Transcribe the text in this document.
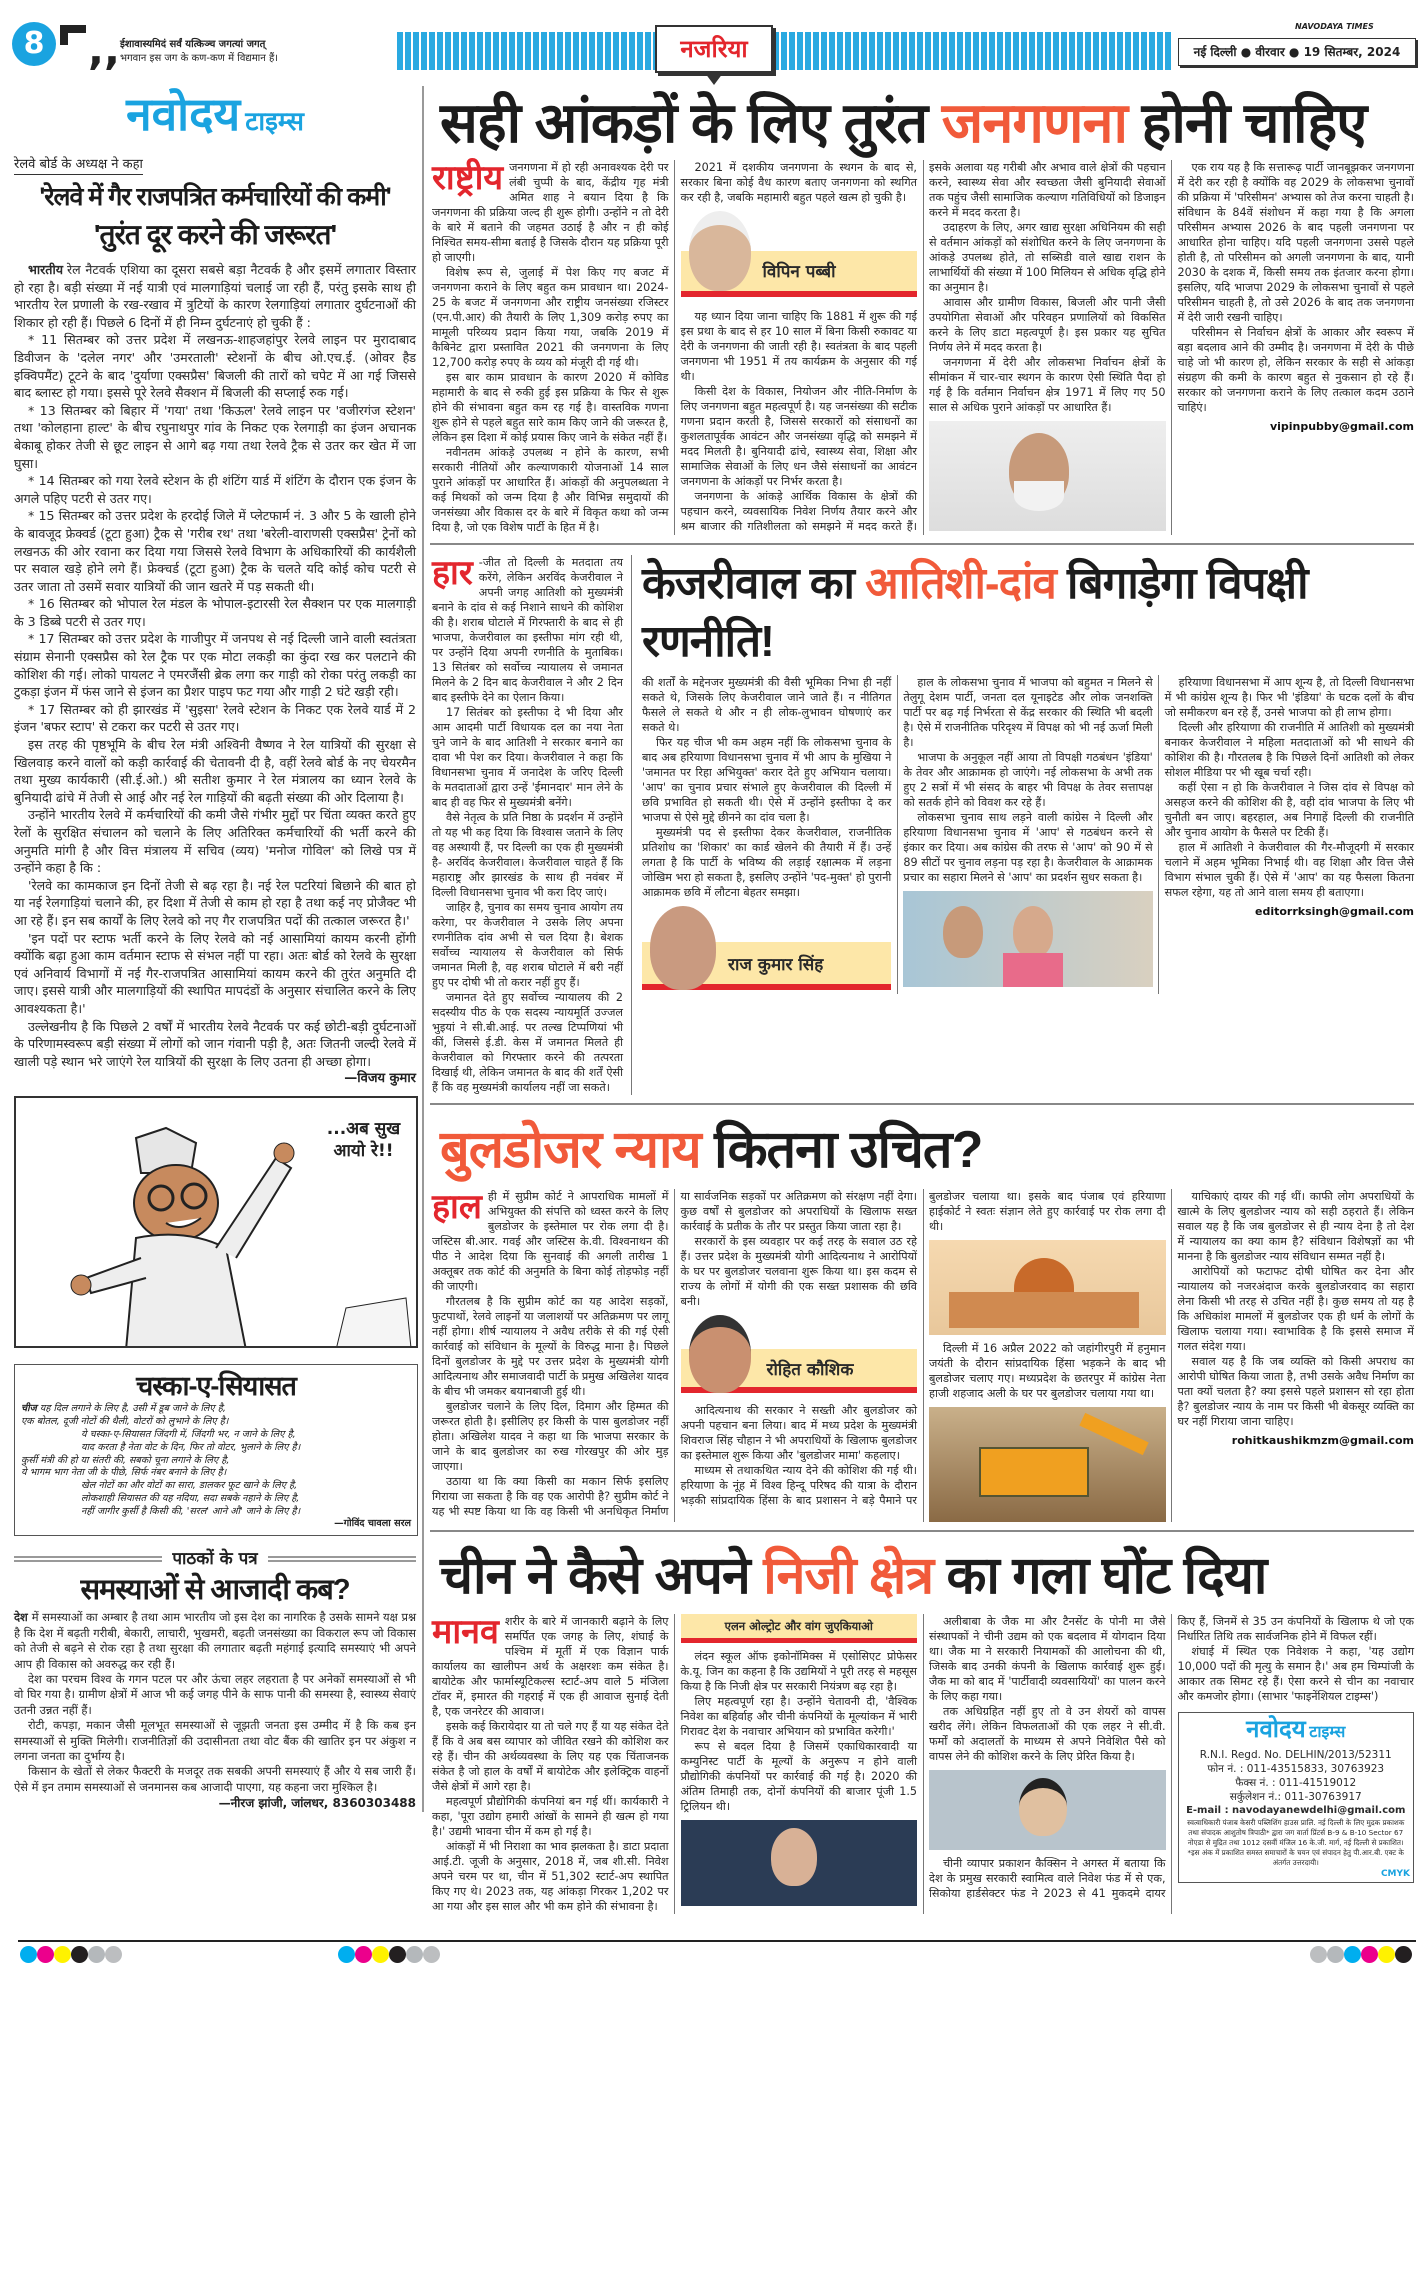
8 ,, ईशावास्यमिदं सर्वं यत्किञ्च जगत्यां जगत्
भगवान इस जग के कण-कण में विद्यमान हैं।	नजरिया
NAVODAYA TIMES
नई दिल्ली ● वीरवार ● 19 सितम्बर, 2024
नवोदय टाइम्स
रेलवे बोर्ड के अध्यक्ष ने कहा
'रेलवे में गैर राजपत्रित कर्मचारियों की कमी'
'तुरंत दूर करने की जरूरत'
भारतीय रेल नैटवर्क एशिया का दूसरा सबसे बड़ा नैटवर्क है और इसमें लगातार विस्तार हो रहा है। बड़ी संख्या में नई यात्री एवं मालगाड़ियां चलाई जा रही हैं, परंतु इसके साथ ही भारतीय रेल प्रणाली के रख-रखाव में त्रुटियों के कारण रेलगाड़ियां लगातार दुर्घटनाओं की शिकार हो रही हैं। पिछले 6 दिनों में ही निम्न दुर्घटनाएं हो चुकी हैं :

* 11 सितम्बर को उत्तर प्रदेश में लखनऊ-शाहजहांपुर रेलवे लाइन पर मुरादाबाद डिवीजन के 'दलेल नगर' और 'उमरताली' स्टेशनों के बीच ओ.एच.ई. (ओवर हैड इक्विपमैंट) टूटने के बाद 'दुर्याणा एक्सप्रैस' बिजली की तारों को चपेट में आ गई जिससे बाद ब्लास्ट हो गया। इससे पूरे रेलवे सैक्शन में बिजली की सप्लाई रुक गई।

* 13 सितम्बर को बिहार में 'गया' तथा 'किऊल' रेलवे लाइन पर 'वजीरगंज स्टेशन' तथा 'कोलहाना हाल्ट' के बीच रघुनाथपुर गांव के निकट एक रेलगाड़ी का इंजन अचानक बेकाबू होकर तेजी से छूट लाइन से आगे बढ़ गया तथा रेलवे ट्रैक से उतर कर खेत में जा घुसा।

* 14 सितम्बर को गया रेलवे स्टेशन के ही शंटिंग यार्ड में शंटिंग के दौरान एक इंजन के अगले पहिए पटरी से उतर गए।

* 15 सितम्बर को उत्तर प्रदेश के हरदोई जिले में प्लेटफार्म नं. 3 और 5 के खाली होने के बावजूद फ्रेक्वर्ड (टूटा हुआ) ट्रैक से 'गरीब रथ' तथा 'बरेली-वाराणसी एक्सप्रैस' ट्रेनों को लखनऊ की ओर रवाना कर दिया गया जिससे रेलवे विभाग के अधिकारियों की कार्यशैली पर सवाल खड़े होने लगे हैं। फ्रेक्चर्ड (टूटा हुआ) ट्रैक के चलते यदि कोई कोच पटरी से उतर जाता तो उसमें सवार यात्रियों की जान खतरे में पड़ सकती थी।

* 16 सितम्बर को भोपाल रेल मंडल के भोपाल-इटारसी रेल सैक्शन पर एक मालगाड़ी के 3 डिब्बे पटरी से उतर गए।

* 17 सितम्बर को उत्तर प्रदेश के गाजीपुर में जनपथ से नई दिल्ली जाने वाली स्वतंत्रता संग्राम सेनानी एक्सप्रैस को रेल ट्रैक पर एक मोटा लकड़ी का कुंदा रख कर पलटाने की कोशिश की गई। लोको पायलट ने एमरजैंसी ब्रेक लगा कर गाड़ी को रोका परंतु लकड़ी का टुकड़ा इंजन में फंस जाने से इंजन का प्रैशर पाइप फट गया और गाड़ी 2 घंटे खड़ी रही।

* 17 सितम्बर को ही झारखंड में 'सुइसा' रेलवे स्टेशन के निकट एक रेलवे यार्ड में 2 इंजन 'बफर स्टाप' से टकरा कर पटरी से उतर गए।

इस तरह की पृष्ठभूमि के बीच रेल मंत्री अश्विनी वैष्णव ने रेल यात्रियों की सुरक्षा से खिलवाड़ करने वालों को कड़ी कार्रवाई की चेतावनी दी है, वहीं रेलवे बोर्ड के नए चेयरमैन तथा मुख्य कार्यकारी (सी.ई.ओ.) श्री सतीश कुमार ने रेल मंत्रालय का ध्यान रेलवे के बुनियादी ढांचे में तेजी से आई और नई रेल गाड़ियों की बढ़ती संख्या की ओर दिलाया है।

उन्होंने भारतीय रेलवे में कर्मचारियों की कमी जैसे गंभीर मुद्दों पर चिंता व्यक्त करते हुए रेलों के सुरक्षित संचालन को चलाने के लिए अतिरिक्त कर्मचारियों की भर्ती करने की अनुमति मांगी है और वित्त मंत्रालय में सचिव (व्यय) 'मनोज गोविल' को लिखे पत्र में उन्होंने कहा है कि :

'रेलवे का कामकाज इन दिनों तेजी से बढ़ रहा है। नई रेल पटरियां बिछाने की बात हो या नई रेलगाड़ियां चलाने की, हर दिशा में तेजी से काम हो रहा है तथा कई नए प्रोजैक्ट भी आ रहे हैं। इन सब कार्यों के लिए रेलवे को नए गैर राजपत्रित पदों की तत्काल जरूरत है।'

'इन पदों पर स्टाफ भर्ती करने के लिए रेलवे को नई आसामियां कायम करनी होंगी क्योंकि बढ़ा हुआ काम वर्तमान स्टाफ से संभल नहीं पा रहा। अतः बोर्ड को रेलवे के सुरक्षा एवं अनिवार्य विभागों में नई गैर-राजपत्रित आसामियां कायम करने की तुरंत अनुमति दी जाए। इससे यात्री और मालगाड़ियों की स्थापित मापदंडों के अनुसार संचालित करने के लिए आवश्यकता है।'

उल्लेखनीय है कि पिछले 2 वर्षों में भारतीय रेलवे नैटवर्क पर कई छोटी-बड़ी दुर्घटनाओं के परिणामस्वरूप बड़ी संख्या में लोगों को जान गंवानी पड़ी है, अतः जितनी जल्दी रेलवे में खाली पड़े स्थान भरे जाएंगे रेल यात्रियों की सुरक्षा के लिए उतना ही अच्छा होगा।

—विजय कुमार
...अब सुख आयो रे!!
चस्का-ए-सियासत
चीज यह दिल लगाने के लिए है, उसी में डूब जाने के लिए है,
एक बोतल, दूजी नोटों की थैली, वोटरों को लुभाने के लिए है।
ये चस्का-ए-सियासत जिंदगी में, जिंदगी भर, न जाने के लिए है,
याद करता है नेता वोट के दिन, फिर तो वोटर, भुलाने के लिए है।
कुर्सी मंत्री की हो या संतरी की, सबको चूना लगाने के लिए है,
ये भागम भाग नेता जी के पीछे, सिर्फ नंबर बनाने के लिए है।
खेल नोटों का और वोटों का सारा, डालकर फूट खाने के लिए है,
लोकशाही सियासत की यह नदिया, सदा सबके नहाने के लिए है,
नहीं जागीर कुर्सी है किसी की, 'सरल' आने औ' जाने के लिए है।
—गोविंद चावला सरल
पाठकों के पत्र
समस्याओं से आजादी कब?
देश में समस्याओं का अम्बार है तथा आम भारतीय जो इस देश का नागरिक है उसके सामने यक्ष प्रश्न है कि देश में बढ़ती गरीबी, बेकारी, लाचारी, भुखमरी, बढ़ती जनसंख्या का विकराल रूप जो विकास को तेजी से बढ़ने से रोक रहा है तथा सुरक्षा की लगातार बढ़ती महंगाई इत्यादि समस्याएं भी अपने आप ही विकास को अवरुद्ध कर रही हैं।

देश का परचम विश्व के गगन पटल पर और ऊंचा लहर लहराता है पर अनेकों समस्याओं से भी वो घिर गया है। ग्रामीण क्षेत्रों में आज भी कई जगह पीने के साफ पानी की समस्या है, स्वास्थ्य सेवाएं उतनी उन्नत नहीं हैं।

रोटी, कपड़ा, मकान जैसी मूलभूत समस्याओं से जूझती जनता इस उम्मीद में है कि कब इन समस्याओं से मुक्ति मिलेगी। राजनीतिज्ञों की उदासीनता तथा वोट बैंक की खातिर इन पर अंकुश न लगना जनता का दुर्भाग्य है।

किसान के खेतों से लेकर फैक्टरी के मजदूर तक सबकी अपनी समस्याएं हैं और ये सब जारी हैं। ऐसे में इन तमाम समस्याओं से जनमानस कब आजादी पाएगा, यह कहना जरा मुश्किल है।

—नीरज झांजी, जांलधर, 8360303488
सही आंकड़ों के लिए तुरंत जनगणना होनी चाहिए
राष्ट्रीय जनगणना में हो रही अनावश्यक देरी पर लंबी चुप्पी के बाद, केंद्रीय गृह मंत्री अमित शाह ने बयान दिया है कि जनगणना की प्रक्रिया जल्द ही शुरू होगी। उन्होंने न तो देरी के बारे में बताने की जहमत उठाई है और न ही कोई निश्चित समय-सीमा बताई है जिसके दौरान यह प्रक्रिया पूरी हो जाएगी।

विशेष रूप से, जुलाई में पेश किए गए बजट में जनगणना कराने के लिए बहुत कम प्रावधान था। 2024-25 के बजट में जनगणना और राष्ट्रीय जनसंख्या रजिस्टर (एन.पी.आर) की तैयारी के लिए 1,309 करोड़ रुपए का मामूली परिव्यय प्रदान किया गया, जबकि 2019 में कैबिनेट द्वारा प्रस्तावित 2021 की जनगणना के लिए 12,700 करोड़ रुपए के व्यय को मंजूरी दी गई थी।

इस बार काम प्रावधान के कारण 2020 में कोविड महामारी के बाद से रुकी हुई इस प्रक्रिया के फिर से शुरू होने की संभावना बहुत कम रह गई है। वास्तविक गणना शुरू होने से पहले बहुत सारे काम किए जाने की जरूरत है, लेकिन इस दिशा में कोई प्रयास किए जाने के संकेत नहीं हैं।

नवीनतम आंकड़े उपलब्ध न होने के कारण, सभी सरकारी नीतियों और कल्याणकारी योजनाओं 14 साल पुराने आंकड़ों पर आधारित हैं। आंकड़ों की अनुपलब्धता ने कई मिथकों को जन्म दिया है और विभिन्न समुदायों की जनसंख्या और विकास दर के बारे में विकृत कथा को जन्म दिया है, जो एक विशेष पार्टी के हित में है।

2021 में दशकीय जनगणना के स्थगन के बाद से, सरकार बिना कोई वैध कारण बताए जनगणना को स्थगित कर रही है, जबकि महामारी बहुत पहले खत्म हो चुकी है।

विपिन पब्बी

यह ध्यान दिया जाना चाहिए कि 1881 में शुरू की गई इस प्रथा के बाद से हर 10 साल में बिना किसी रुकावट या देरी के जनगणना की जाती रही है। स्वतंत्रता के बाद पहली जनगणना भी 1951 में तय कार्यक्रम के अनुसार की गई थी।

किसी देश के विकास, नियोजन और नीति-निर्माण के लिए जनगणना बहुत महत्वपूर्ण है। यह जनसंख्या की सटीक गणना प्रदान करती है, जिससे सरकारों को संसाधनों का कुशलतापूर्वक आवंटन और जनसंख्या वृद्धि को समझने में मदद मिलती है। बुनियादी ढांचे, स्वास्थ्य सेवा, शिक्षा और सामाजिक सेवाओं के लिए धन जैसे संसाधनों का आवंटन जनगणना के आंकड़ों पर निर्भर करता है।

जनगणना के आंकड़े आर्थिक विकास के क्षेत्रों की पहचान करने, व्यवसायिक निवेश निर्णय तैयार करने और श्रम बाजार की गतिशीलता को समझने में मदद करते हैं। इसके अलावा यह गरीबी और अभाव वाले क्षेत्रों की पहचान करने, स्वास्थ्य सेवा और स्वच्छता जैसी बुनियादी सेवाओं तक पहुंच जैसी सामाजिक कल्याण गतिविधियों को डिजाइन करने में मदद करता है।

उदाहरण के लिए, अगर खाद्य सुरक्षा अधिनियम की सही से वर्तमान आंकड़ों को संशोधित करने के लिए जनगणना के आंकड़े उपलब्ध होते, तो सब्सिडी वाले खाद्य राशन के लाभार्थियों की संख्या में 100 मिलियन से अधिक वृद्धि होने का अनुमान है।

आवास और ग्रामीण विकास, बिजली और पानी जैसी उपयोगिता सेवाओं और परिवहन प्रणालियों को विकसित करने के लिए डाटा महत्वपूर्ण है। इस प्रकार यह सुचित निर्णय लेने में मदद करता है।

जनगणना में देरी और लोकसभा निर्वाचन क्षेत्रों के सीमांकन में चार-चार स्थगन के कारण ऐसी स्थिति पैदा हो गई है कि वर्तमान निर्वाचन क्षेत्र 1971 में लिए गए 50 साल से अधिक पुराने आंकड़ों पर आधारित हैं।

एक राय यह है कि सत्तारूढ़ पार्टी जानबूझकर जनगणना में देरी कर रही है क्योंकि वह 2029 के लोकसभा चुनावों की प्रक्रिया में 'परिसीमन' अभ्यास को तेज करना चाहती है। संविधान के 84वें संशोधन में कहा गया है कि अगला परिसीमन अभ्यास 2026 के बाद पहली जनगणना पर आधारित होना चाहिए। यदि पहली जनगणना उससे पहले होती है, तो परिसीमन को अगली जनगणना के बाद, यानी 2030 के दशक में, किसी समय तक इंतजार करना होगा। इसलिए, यदि भाजपा 2029 के लोकसभा चुनावों से पहले परिसीमन चाहती है, तो उसे 2026 के बाद तक जनगणना में देरी जारी रखनी चाहिए।

परिसीमन से निर्वाचन क्षेत्रों के आकार और स्वरूप में बड़ा बदलाव आने की उम्मीद है। जनगणना में देरी के पीछे चाहे जो भी कारण हो, लेकिन सरकार के सही से आंकड़ा संग्रहण की कमी के कारण बहुत से नुकसान हो रहे हैं। सरकार को जनगणना कराने के लिए तत्काल कदम उठाने चाहिएं।

vipinpubby@gmail.com
हार -जीत तो दिल्ली के मतदाता तय करेंगे, लेकिन अरविंद केजरीवाल ने अपनी जगह आतिशी को मुख्यमंत्री बनाने के दांव से कई निशाने साधने की कोशिश की है। शराब घोटाले में गिरफ्तारी के बाद से ही भाजपा, केजरीवाल का इस्तीफा मांग रही थी, पर उन्होंने दिया अपनी रणनीति के मुताबिक। 13 सितंबर को सर्वोच्च न्यायालय से जमानत मिलने के 2 दिन बाद केजरीवाल ने और 2 दिन बाद इस्तीफे देने का ऐलान किया।

17 सितंबर को इस्तीफा दे भी दिया और आम आदमी पार्टी विधायक दल का नया नेता चुने जाने के बाद आतिशी ने सरकार बनाने का दावा भी पेश कर दिया। केजरीवाल ने कहा कि विधानसभा चुनाव में जनादेश के जरिए दिल्ली के मतदाताओं द्वारा उन्हें 'ईमानदार' मान लेने के बाद ही वह फिर से मुख्यमंत्री बनेंगे।

वैसे नेतृत्व के प्रति निष्ठा के प्रदर्शन में उन्होंने तो यह भी कह दिया कि विश्वास जताने के लिए वह अस्थायी हैं, पर दिल्ली का एक ही मुख्यमंत्री है- अरविंद केजरीवाल। केजरीवाल चाहते हैं कि महाराष्ट्र और झारखंड के साथ ही नवंबर में दिल्ली विधानसभा चुनाव भी करा दिए जाएं।

जाहिर है, चुनाव का समय चुनाव आयोग तय करेगा, पर केजरीवाल ने उसके लिए अपना रणनीतिक दांव अभी से चल दिया है। बेशक सर्वोच्च न्यायालय से केजरीवाल को सिर्फ जमानत मिली है, वह शराब घोटाले में बरी नहीं हुए पर दोषी भी तो करार नहीं हुए हैं।

जमानत देते हुए सर्वोच्च न्यायालय की 2 सदस्यीय पीठ के एक सदस्य न्यायमूर्ति उज्जल भुइयां ने सी.बी.आई. पर तल्ख टिप्पणियां भी कीं, जिससे ई.डी. केस में जमानत मिलते ही केजरीवाल को गिरफ्तार करने की तत्परता दिखाई थी, लेकिन जमानत के बाद की शर्तें ऐसी हैं कि वह मुख्यमंत्री कार्यालय नहीं जा सकते।

केजरीवाल का आतिशी-दांव बिगाड़ेगा विपक्षी रणनीति!

की शर्तों के मद्देनजर मुख्यमंत्री की वैसी भूमिका निभा ही नहीं सकते थे, जिसके लिए केजरीवाल जाने जाते हैं। न नीतिगत फैसले ले सकते थे और न ही लोक-लुभावन घोषणाएं कर सकते थे।

फिर यह चीज भी कम अहम नहीं कि लोकसभा चुनाव के बाद अब हरियाणा विधानसभा चुनाव में भी आप के मुखिया ने 'जमानत पर रिहा अभियुक्त' करार देते हुए अभियान चलाया। 'आप' का चुनाव प्रचार संभाले हुए केजरीवाल की दिल्ली में छवि प्रभावित हो सकती थी। ऐसे में उन्होंने इस्तीफा दे कर भाजपा से ऐसे मुद्दे छीनने का दांव चला है।

मुख्यमंत्री पद से इस्तीफा देकर केजरीवाल, राजनीतिक प्रतिशोध का 'शिकार' का कार्ड खेलने की तैयारी में हैं। उन्हें लगता है कि पार्टी के भविष्य की लड़ाई रक्षात्मक में लड़ना जोखिम भरा हो सकता है, इसलिए उन्होंने 'पद-मुक्त' हो पुरानी आक्रामक छवि में लौटना बेहतर समझा।

राज कुमार सिंह

हाल के लोकसभा चुनाव में भाजपा को बहुमत न मिलने से तेलुगू देशम पार्टी, जनता दल यूनाइटेड और लोक जनशक्ति पार्टी पर बढ़ गई निर्भरता से केंद्र सरकार की स्थिति भी बदली है। ऐसे में राजनीतिक परिदृश्य में विपक्ष को भी नई ऊर्जा मिली है।

भाजपा के अनुकूल नहीं आया तो विपक्षी गठबंधन 'इंडिया' के तेवर और आक्रामक हो जाएंगे। नई लोकसभा के अभी तक हुए 2 सत्रों में भी संसद के बाहर भी विपक्ष के तेवर सत्तापक्ष को सतर्क होने को विवश कर रहे हैं।

लोकसभा चुनाव साथ लड़ने वाली कांग्रेस ने दिल्ली और हरियाणा विधानसभा चुनाव में 'आप' से गठबंधन करने से इंकार कर दिया। अब कांग्रेस की तरफ से 'आप' को 90 में से 89 सीटों पर चुनाव लड़ना पड़ रहा है। केजरीवाल के आक्रामक प्रचार का सहारा मिलने से 'आप' का प्रदर्शन सुधर सकता है।

हरियाणा विधानसभा में आप शून्य है, तो दिल्ली विधानसभा में भी कांग्रेस शून्य है। फिर भी 'इंडिया' के घटक दलों के बीच जो समीकरण बन रहे हैं, उनसे भाजपा को ही लाभ होगा।

दिल्ली और हरियाणा की राजनीति में आतिशी को मुख्यमंत्री बनाकर केजरीवाल ने महिला मतदाताओं को भी साधने की कोशिश की है। गौरतलब है कि पिछले दिनों आतिशी को लेकर सोशल मीडिया पर भी खूब चर्चा रही।

कहीं ऐसा न हो कि केजरीवाल ने जिस दांव से विपक्ष को असहज करने की कोशिश की है, वही दांव भाजपा के लिए भी चुनौती बन जाए। बहरहाल, अब निगाहें दिल्ली की राजनीति और चुनाव आयोग के फैसले पर टिकी हैं।

हाल में आतिशी ने केजरीवाल की गैर-मौजूदगी में सरकार चलाने में अहम भूमिका निभाई थी। वह शिक्षा और वित्त जैसे विभाग संभाल चुकी हैं। ऐसे में 'आप' का यह फैसला कितना सफल रहेगा, यह तो आने वाला समय ही बताएगा।

editorrksingh@gmail.com
बुलडोजर न्याय कितना उचित?
हाल ही में सुप्रीम कोर्ट ने आपराधिक मामलों में अभियुक्त की संपत्ति को ध्वस्त करने के लिए बुलडोजर के इस्तेमाल पर रोक लगा दी है। जस्टिस बी.आर. गवई और जस्टिस के.वी. विश्वनाथन की पीठ ने आदेश दिया कि सुनवाई की अगली तारीख 1 अक्तूबर तक कोर्ट की अनुमति के बिना कोई तोड़फोड़ नहीं की जाएगी।

गौरतलब है कि सुप्रीम कोर्ट का यह आदेश सड़कों, फुटपाथों, रेलवे लाइनों या जलाशयों पर अतिक्रमण पर लागू नहीं होगा। शीर्ष न्यायालय ने अवैध तरीके से की गई ऐसी कार्रवाई को संविधान के मूल्यों के विरुद्ध माना है। पिछले दिनों बुलडोजर के मुद्दे पर उत्तर प्रदेश के मुख्यमंत्री योगी आदित्यनाथ और समाजवादी पार्टी के प्रमुख अखिलेश यादव के बीच भी जमकर बयानबाजी हुई थी।

बुलडोजर चलाने के लिए दिल, दिमाग और हिम्मत की जरूरत होती है। इसीलिए हर किसी के पास बुलडोजर नहीं होता। अखिलेश यादव ने कहा था कि भाजपा सरकार के जाने के बाद बुलडोजर का रुख गोरखपुर की ओर मुड़ जाएगा।

उठाया था कि क्या किसी का मकान सिर्फ इसलिए गिराया जा सकता है कि वह एक आरोपी है? सुप्रीम कोर्ट ने यह भी स्पष्ट किया था कि वह किसी भी अनधिकृत निर्माण या सार्वजनिक सड़कों पर अतिक्रमण को संरक्षण नहीं देगा। कुछ वर्षों से बुलडोजर को अपराधियों के खिलाफ सख्त कार्रवाई के प्रतीक के तौर पर प्रस्तुत किया जाता रहा है।

सरकारों के इस व्यवहार पर कई तरह के सवाल उठ रहे हैं। उत्तर प्रदेश के मुख्यमंत्री योगी आदित्यनाथ ने आरोपियों के घर पर बुलडोजर चलवाना शुरू किया था। इस कदम से राज्य के लोगों में योगी की एक सख्त प्रशासक की छवि बनी।

रोहित कौशिक

आदित्यनाथ की सरकार ने सख्ती और बुलडोजर को अपनी पहचान बना लिया। बाद में मध्य प्रदेश के मुख्यमंत्री शिवराज सिंह चौहान ने भी अपराधियों के खिलाफ बुलडोजर का इस्तेमाल शुरू किया और 'बुलडोजर मामा' कहलाए।

माध्यम से तथाकथित न्याय देने की कोशिश की गई थी। हरियाणा के नूंह में विश्व हिन्दू परिषद की यात्रा के दौरान भड़की सांप्रदायिक हिंसा के बाद प्रशासन ने बड़े पैमाने पर बुलडोजर चलाया था। इसके बाद पंजाब एवं हरियाणा हाईकोर्ट ने स्वतः संज्ञान लेते हुए कार्रवाई पर रोक लगा दी थी।

दिल्ली में 16 अप्रैल 2022 को जहांगीरपुरी में हनुमान जयंती के दौरान सांप्रदायिक हिंसा भड़कने के बाद भी बुलडोजर चलाए गए। मध्यप्रदेश के छतरपुर में कांग्रेस नेता हाजी शहजाद अली के घर पर बुलडोजर चलाया गया था।

याचिकाएं दायर की गई थीं। काफी लोग अपराधियों के खात्मे के लिए बुलडोजर न्याय को सही ठहराते हैं। लेकिन सवाल यह है कि जब बुलडोजर से ही न्याय देना है तो देश में न्यायालय का क्या काम है? संविधान विशेषज्ञों का भी मानना है कि बुलडोजर न्याय संविधान सम्मत नहीं है।

आरोपियों को फटाफट दोषी घोषित कर देना और न्यायालय को नजरअंदाज करके बुलडोजरवाद का सहारा लेना किसी भी तरह से उचित नहीं है। कुछ समय तो यह है कि अधिकांश मामलों में बुलडोजर एक ही धर्म के लोगों के खिलाफ चलाया गया। स्वाभाविक है कि इससे समाज में गलत संदेश गया।

सवाल यह है कि जब व्यक्ति को किसी अपराध का आरोपी घोषित किया जाता है, तभी उसके अवैध निर्माण का पता क्यों चलता है? क्या इससे पहले प्रशासन सो रहा होता है? बुलडोजर न्याय के नाम पर किसी भी बेकसूर व्यक्ति का घर नहीं गिराया जाना चाहिए।

rohitkaushikmzm@gmail.com
चीन ने कैसे अपने निजी क्षेत्र का गला घोंट दिया
मानव शरीर के बारे में जानकारी बढ़ाने के लिए समर्पित एक जगह के लिए, शंघाई के पश्चिम में मूर्ती में एक विज्ञान पार्क कार्यालय का खालीपन अर्थ के अक्षरशः कम संकेत है। बायोटेक और फार्मास्यूटिकल्स स्टार्ट-अप वाले 5 मंजिला टॉवर में, इमारत की गहराई में एक ही आवाज सुनाई देती है, एक जनरेटर की आवाज।

इसके कई किरायेदार या तो चले गए हैं या यह संकेत देते हैं कि वे अब बस व्यापार को जीवित रखने की कोशिश कर रहे हैं। चीन की अर्थव्यवस्था के लिए यह एक चिंताजनक संकेत है जो हाल के वर्षों में बायोटेक और इलेक्ट्रिक वाहनों जैसे क्षेत्रों में आगे रहा है।

महत्वपूर्ण प्रौद्योगिकी कंपनियां बन गई थीं। कार्यकारी ने कहा, 'पूरा उद्योग हमारी आंखों के सामने ही खत्म हो गया है।' उद्यमी भावना चीन में कम हो गई है।

आंकड़ों में भी निराशा का भाव झलकता है। डाटा प्रदाता आई.टी. जूजी के अनुसार, 2018 में, जब शी.सी. निवेश अपने चरम पर था, चीन में 51,302 स्टार्ट-अप स्थापित किए गए थे। 2023 तक, यह आंकड़ा गिरकर 1,202 पर आ गया और इस साल और भी कम होने की संभावना है।

एलन ओल्ट्रोट और वांग जुएकियाओ

लंदन स्कूल ऑफ इकोनॉमिक्स में एसोसिएट प्रोफेसर के.यू. जिन का कहना है कि उद्यमियों ने पूरी तरह से महसूस किया है कि निजी क्षेत्र पर सरकारी नियंत्रण बढ़ रहा है।

लिए महत्वपूर्ण रहा है। उन्होंने चेतावनी दी, 'वैश्विक निवेश का बहिर्वाह और चीनी कंपनियों के मूल्यांकन में भारी गिरावट देश के नवाचार अभियान को प्रभावित करेगी।'

रूप से बदल दिया है जिसमें एकाधिकारवादी या कम्युनिस्ट पार्टी के मूल्यों के अनुरूप न होने वाली प्रौद्योगिकी कंपनियों पर कार्रवाई की गई है। 2020 की अंतिम तिमाही तक, दोनों कंपनियों की बाजार पूंजी 1.5 ट्रिलियन थी।

अलीबाबा के जैक मा और टैनसेंट के पोनी मा जैसे संस्थापकों ने चीनी उद्यम को एक बदलाव में योगदान दिया था। जैक मा ने सरकारी नियामकों की आलोचना की थी, जिसके बाद उनकी कंपनी के खिलाफ कार्रवाई शुरू हुई। जैक मा को बाद में 'पार्टीवादी व्यवसायियों' का पालन करने के लिए कहा गया।

तक अधिग्रहित नहीं हुए तो वे उन शेयरों को वापस खरीद लेंगे। लेकिन विफलताओं की एक लहर ने सी.वी. फर्मों को अदालतों के माध्यम से अपने निवेशित पैसे को वापस लेने की कोशिश करने के लिए प्रेरित किया है।

चीनी व्यापार प्रकाशन कैक्सिन ने अगस्त में बताया कि देश के प्रमुख सरकारी स्वामित्व वाले निवेश फंड में से एक, सिकोया हार्डसेक्टर फंड ने 2023 से 41 मुकदमे दायर किए हैं, जिनमें से 35 उन कंपनियों के खिलाफ थे जो एक निर्धारित तिथि तक सार्वजनिक होने में विफल रहीं।

शंघाई में स्थित एक निवेशक ने कहा, 'यह उद्योग 10,000 पदों की मृत्यु के समान है।' अब हम चिम्पांजी के आकार तक सिमट रहे हैं। ऐसा करने से चीन का नवाचार और कमजोर होगा। (साभार 'फाइनेंशियल टाइम्स')

नवोदय टाइम्स
R.N.I. Regd. No. DELHIN/2013/52311
फोन नं. : 011-43515833, 30763923
फैक्स नं. : 011-41519012
सर्कुलेशन नं.: 011-30763917
E-mail : navodayanewdelhi@gmail.com
स्वत्वाधिकारी पंजाब केसरी पब्लिशिंग हाउस प्रालि. नई दिल्ली के लिए मुद्रक प्रकाशक तथा संपादक आशुतोष त्रिपाठी* द्वारा जग वार्ता प्रिंटर्स B-9 & B-10 Sector 67 नोएडा से मुद्रित तथा 1012 दसवीं मंजिल 16 के.जी. मार्ग, नई दिल्ली से प्रकाशित। *इस अंक में प्रकाशित समस्त समाचारों के चयन एवं संपादन हेतु पी.आर.बी. एक्ट के अंतर्गत उत्तरदायी।
CMYK
